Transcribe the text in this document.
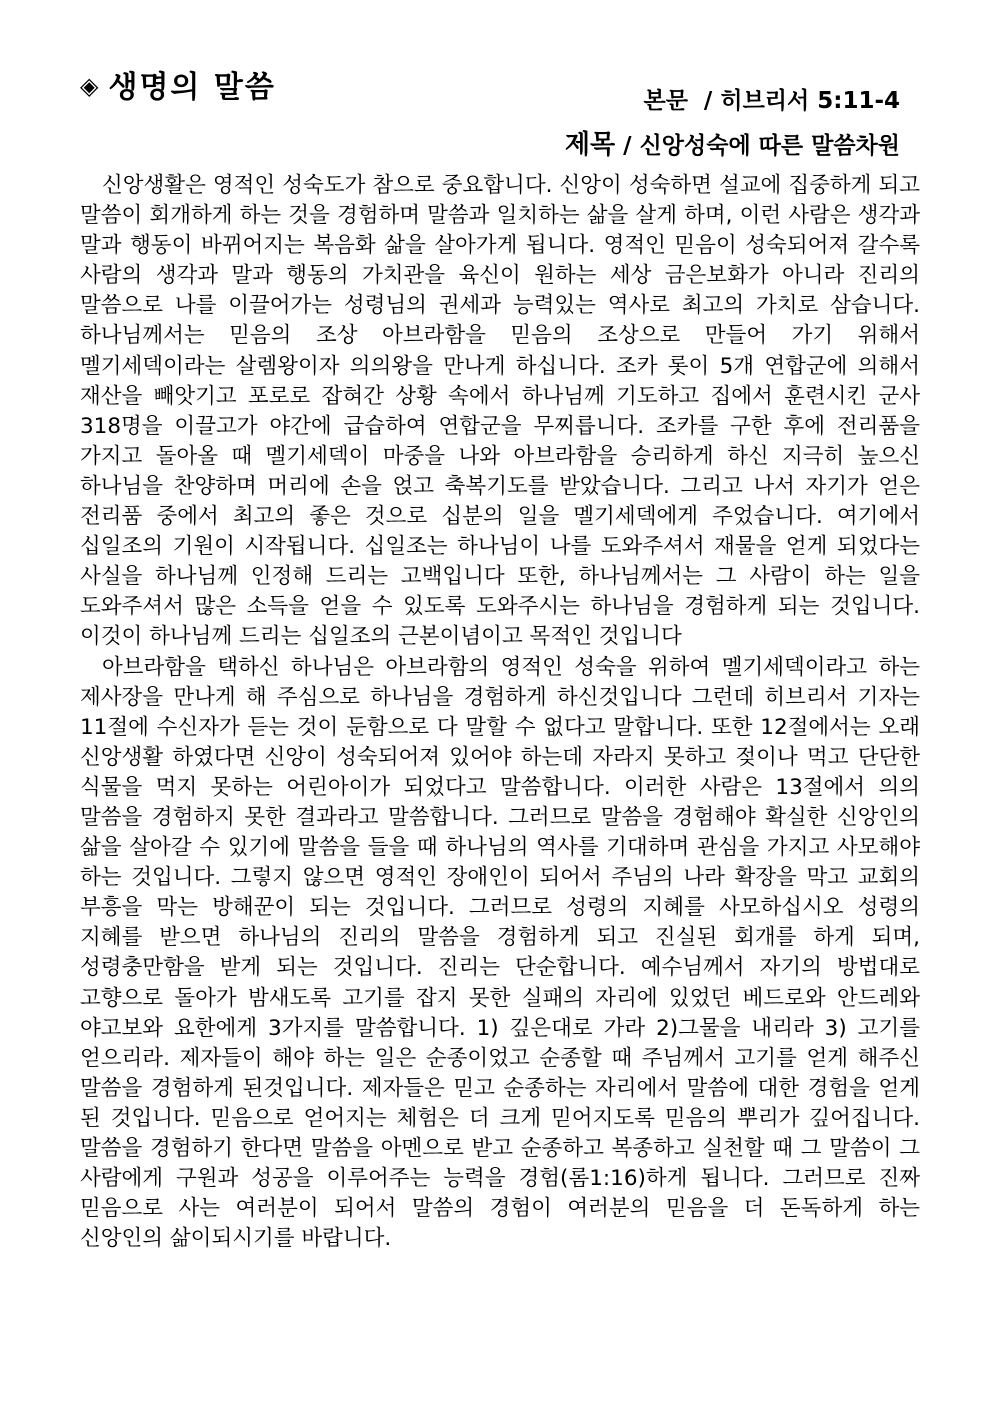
◈ 생명의 말씀	본문  / 히브리서 5:11-4
제목 / 신앙성숙에 따른 말씀차원

신앙생활은 영적인 성숙도가 참으로 중요합니다. 신앙이 성숙하면 설교에 집중하게 되고 말씀이 회개하게 하는 것을 경험하며 말씀과 일치하는 삶을 살게 하며, 이런 사람은 생각과 말과 행동이 바뀌어지는 복음화 삶을 살아가게 됩니다. 영적인 믿음이 성숙되어져 갈수록 사람의 생각과 말과 행동의 가치관을 육신이 원하는 세상 금은보화가 아니라 진리의 말씀으로 나를 이끌어가는 성령님의 권세과 능력있는 역사로 최고의 가치로 삼습니다. 하나님께서는 믿음의 조상 아브라함을 믿음의 조상으로 만들어 가기 위해서 멜기세덱이라는 살렘왕이자 의의왕을 만나게 하십니다. 조카 롯이 5개 연합군에 의해서 재산을 빼앗기고 포로로 잡혀간 상황 속에서 하나님께 기도하고 집에서 훈련시킨 군사 318명을 이끌고가 야간에 급습하여 연합군을 무찌릅니다. 조카를 구한 후에 전리품을 가지고 돌아올 때 멜기세덱이 마중을 나와 아브라함을 승리하게 하신 지극히 높으신 하나님을 찬양하며 머리에 손을 얹고 축복기도를 받았습니다. 그리고 나서 자기가 얻은 전리품 중에서 최고의 좋은 것으로 십분의 일을 멜기세덱에게 주었습니다. 여기에서 십일조의 기원이 시작됩니다. 십일조는 하나님이 나를 도와주셔서 재물을 얻게 되었다는 사실을 하나님께 인정해 드리는 고백입니다 또한, 하나님께서는 그 사람이 하는 일을 도와주셔서 많은 소득을 얻을 수 있도록 도와주시는 하나님을 경험하게 되는 것입니다. 이것이 하나님께 드리는 십일조의 근본이념이고 목적인 것입니다

아브라함을 택하신 하나님은 아브라함의 영적인 성숙을 위하여 멜기세덱이라고 하는 제사장을 만나게 해 주심으로 하나님을 경험하게 하신것입니다 그런데 히브리서 기자는 11절에 수신자가 듣는 것이 둔함으로 다 말할 수 없다고 말합니다. 또한 12절에서는 오래 신앙생활 하였다면 신앙이 성숙되어져 있어야 하는데 자라지 못하고 젖이나 먹고 단단한 식물을 먹지 못하는 어린아이가 되었다고 말씀합니다. 이러한 사람은 13절에서 의의 말씀을 경험하지 못한 결과라고 말씀합니다. 그러므로 말씀을 경험해야 확실한 신앙인의 삶을 살아갈 수 있기에 말씀을 들을 때 하나님의 역사를 기대하며 관심을 가지고 사모해야 하는 것입니다. 그렇지 않으면 영적인 장애인이 되어서 주님의 나라 확장을 막고 교회의 부흥을 막는 방해꾼이 되는 것입니다. 그러므로 성령의 지혜를 사모하십시오 성령의 지혜를 받으면 하나님의 진리의 말씀을 경험하게 되고 진실된 회개를 하게 되며, 성령충만함을 받게 되는 것입니다. 진리는 단순합니다. 예수님께서 자기의 방법대로 고향으로 돌아가 밤새도록 고기를 잡지 못한 실패의 자리에 있었던 베드로와 안드레와 야고보와 요한에게 3가지를 말씀합니다. 1) 깊은대로 가라 2)그물을 내리라 3) 고기를 얻으리라. 제자들이 해야 하는 일은 순종이었고 순종할 때 주님께서 고기를 얻게 해주신 말씀을 경험하게 된것입니다. 제자들은 믿고 순종하는 자리에서 말씀에 대한 경험을 얻게 된 것입니다. 믿음으로 얻어지는 체험은 더 크게 믿어지도록 믿음의 뿌리가 깊어집니다. 말씀을 경험하기 한다면 말씀을 아멘으로 받고 순종하고 복종하고 실천할 때 그 말씀이 그 사람에게 구원과 성공을 이루어주는 능력을 경험(롬1:16)하게 됩니다. 그러므로 진짜 믿음으로 사는 여러분이 되어서 말씀의 경험이 여러분의 믿음을 더 돈독하게 하는 신앙인의 삶이되시기를 바랍니다.
